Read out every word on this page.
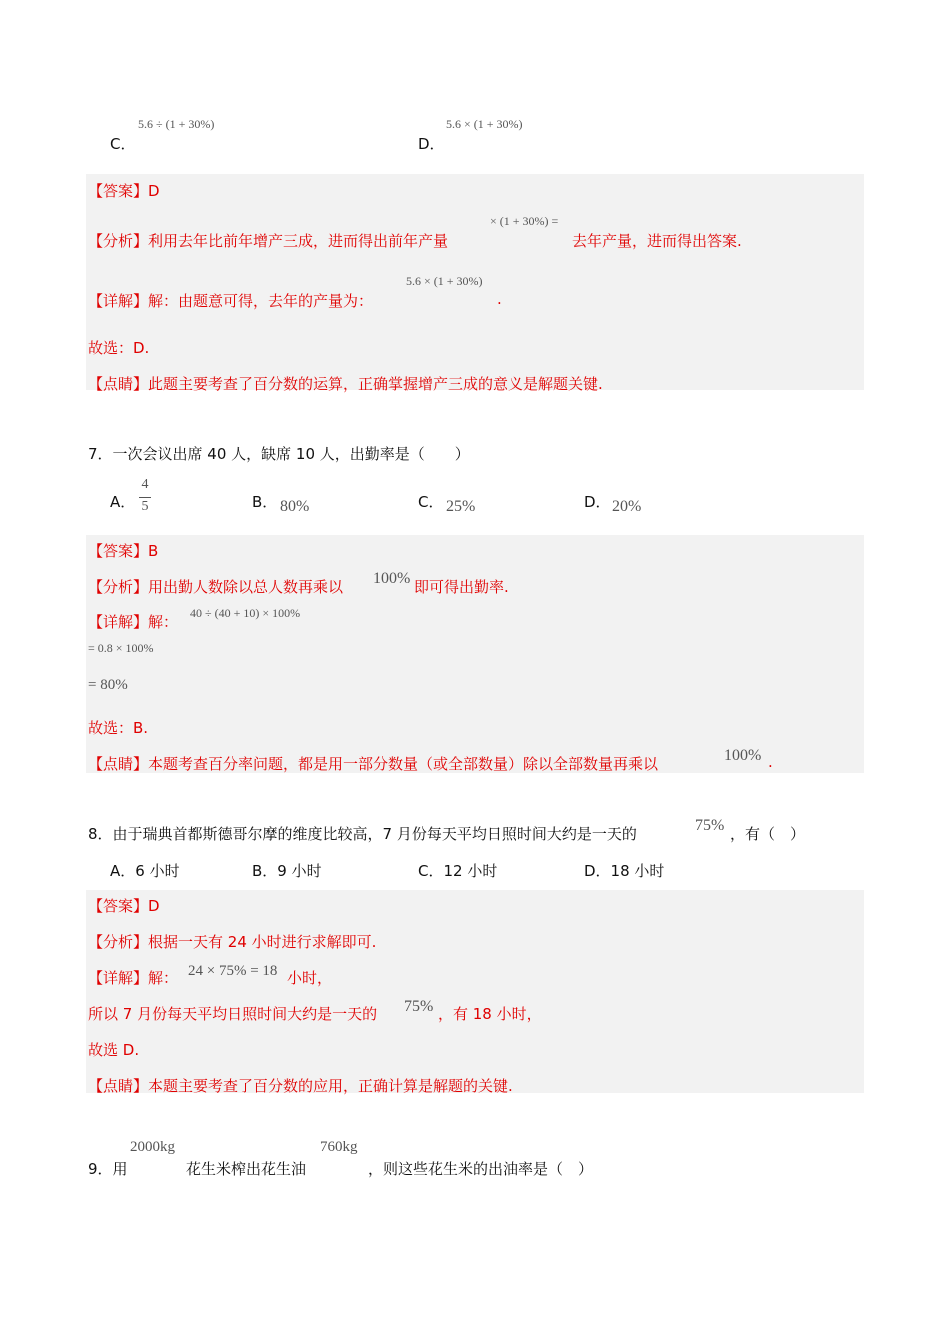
C．
5.6 ÷ (1 + 30%)
D．
5.6 × (1 + 30%)
【答案】D
【分析】利用去年比前年增产三成，进而得出前年产量
× (1 + 30%) =
去年产量，进而得出答案.
【详解】解：由题意可得，去年的产量为：
5.6 × (1 + 30%)
.
故选：D.
【点睛】此题主要考查了百分数的运算，正确掌握增产三成的意义是解题关键.
7．一次会议出席 40 人，缺席 10 人，出勤率是（　　）
A．
4
5	B． 80%	C． 25%	D． 20%
【答案】B
【分析】用出勤人数除以总人数再乘以 100% 即可得出勤率.
【详解】解： 40 ÷ (40 + 10) × 100%
= 0.8 × 100%
= 80%
故选：B.
【点睛】本题考查百分率问题，都是用一部分数量（或全部数量）除以全部数量再乘以	100% .
8．由于瑞典首都斯德哥尔摩的维度比较高，7 月份每天平均日照时间大约是一天的	75% ，有（　）
A．6 小时	B．9 小时	C．12 小时	D．18 小时
【答案】D
【分析】根据一天有 24 小时进行求解即可.
【详解】解： 24 × 75% = 18 小时，
所以 7 月份每天平均日照时间大约是一天的 75% ，有 18 小时，
故选 D.
【点睛】本题主要考查了百分数的应用，正确计算是解题的关键.
9．用
2000kg
花生米榨出花生油
760kg
，则这些花生米的出油率是（　）
